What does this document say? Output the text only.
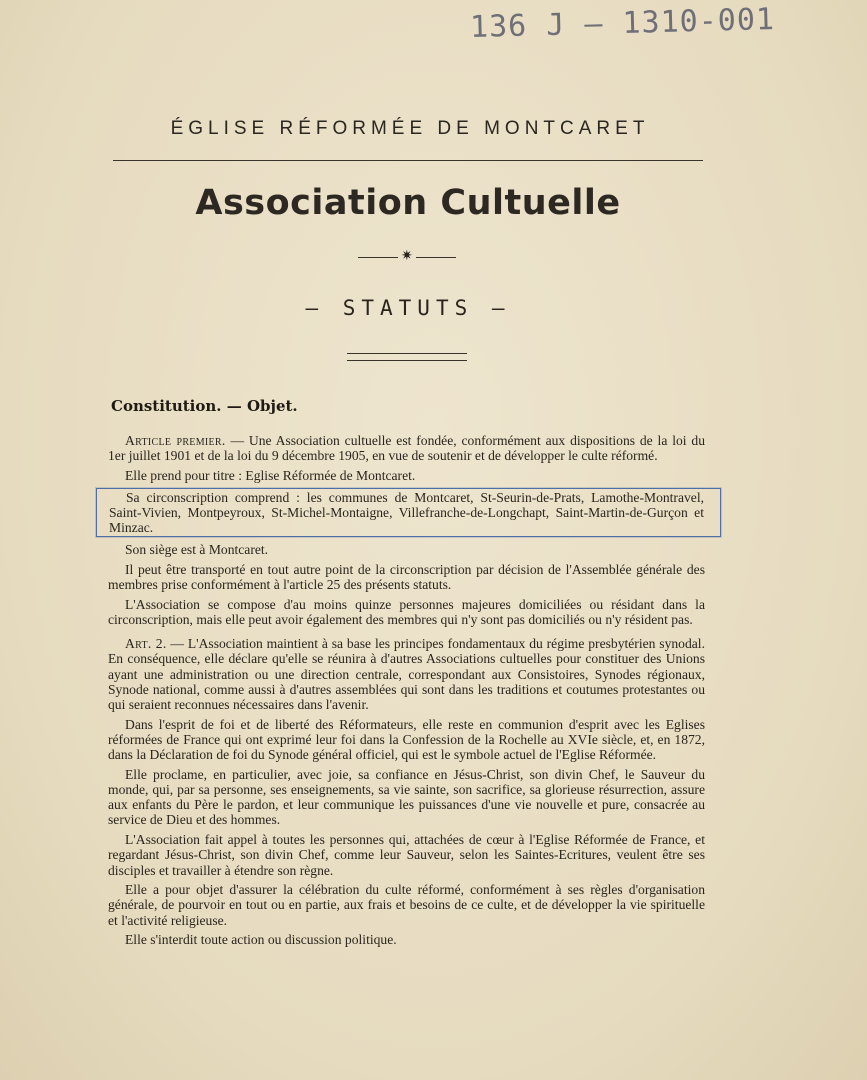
136 J — 1310-001
ÉGLISE RÉFORMÉE DE MONTCARET
Association Cultuelle
✷
— STATUTS —
Constitution. — Objet.

Article premier. — Une Association cultuelle est fondée, conformément aux dispositions de la loi du 1er juillet 1901 et de la loi du 9 décembre 1905, en vue de soutenir et de développer le culte réformé.

Elle prend pour titre : Eglise Réformée de Montcaret.

Sa circonscription comprend : les communes de Montcaret, St-Seurin-de-Prats, Lamothe-Montravel, Saint-Vivien, Montpeyroux, St-Michel-Montaigne, Villefranche-de-Longchapt, Saint-Martin-de-Gurçon et Minzac.

Son siège est à Montcaret.

Il peut être transporté en tout autre point de la circonscription par décision de l'Assemblée générale des membres prise conformément à l'article 25 des présents statuts.

L'Association se compose d'au moins quinze personnes majeures domiciliées ou résidant dans la circonscription, mais elle peut avoir également des membres qui n'y sont pas domiciliés ou n'y résident pas.

Art. 2. — L'Association maintient à sa base les principes fondamentaux du régime presbytérien synodal. En conséquence, elle déclare qu'elle se réunira à d'autres Associations cultuelles pour constituer des Unions ayant une administration ou une direction centrale, correspondant aux Consistoires, Synodes régionaux, Synode national, comme aussi à d'autres assemblées qui sont dans les traditions et coutumes protestantes ou qui seraient reconnues nécessaires dans l'avenir.

Dans l'esprit de foi et de liberté des Réformateurs, elle reste en communion d'esprit avec les Eglises réformées de France qui ont exprimé leur foi dans la Confession de la Rochelle au XVIe siècle, et, en 1872, dans la Déclaration de foi du Synode général officiel, qui est le symbole actuel de l'Eglise Réformée.

Elle proclame, en particulier, avec joie, sa confiance en Jésus-Christ, son divin Chef, le Sauveur du monde, qui, par sa personne, ses enseignements, sa vie sainte, son sacrifice, sa glorieuse résurrection, assure aux enfants du Père le pardon, et leur communique les puissances d'une vie nouvelle et pure, consacrée au service de Dieu et des hommes.

L'Association fait appel à toutes les personnes qui, attachées de cœur à l'Eglise Réformée de France, et regardant Jésus-Christ, son divin Chef, comme leur Sauveur, selon les Saintes-Ecritures, veulent être ses disciples et travailler à étendre son règne.

Elle a pour objet d'assurer la célébration du culte réformé, conformément à ses règles d'organisation générale, de pourvoir en tout ou en partie, aux frais et besoins de ce culte, et de développer la vie spirituelle et l'activité religieuse.

Elle s'interdit toute action ou discussion politique.
